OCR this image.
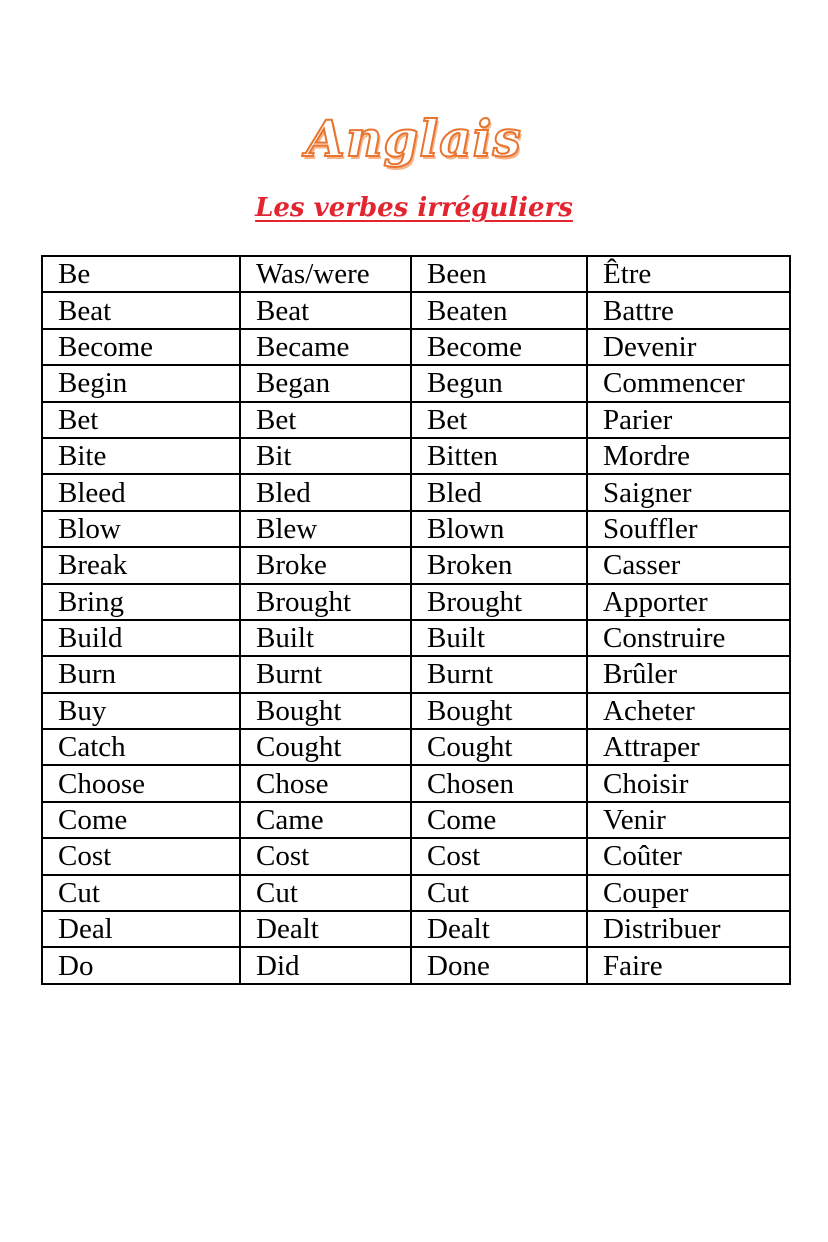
Anglais
Les verbes irréguliers
Be	Was/were	Been	Être
Beat	Beat	Beaten	Battre
Become	Became	Become	Devenir
Begin	Began	Begun	Commencer
Bet	Bet	Bet	Parier
Bite	Bit	Bitten	Mordre
Bleed	Bled	Bled	Saigner
Blow	Blew	Blown	Souffler
Break	Broke	Broken	Casser
Bring	Brought	Brought	Apporter
Build	Built	Built	Construire
Burn	Burnt	Burnt	Brûler
Buy	Bought	Bought	Acheter
Catch	Cought	Cought	Attraper
Choose	Chose	Chosen	Choisir
Come	Came	Come	Venir
Cost	Cost	Cost	Coûter
Cut	Cut	Cut	Couper
Deal	Dealt	Dealt	Distribuer
Do	Did	Done	Faire
